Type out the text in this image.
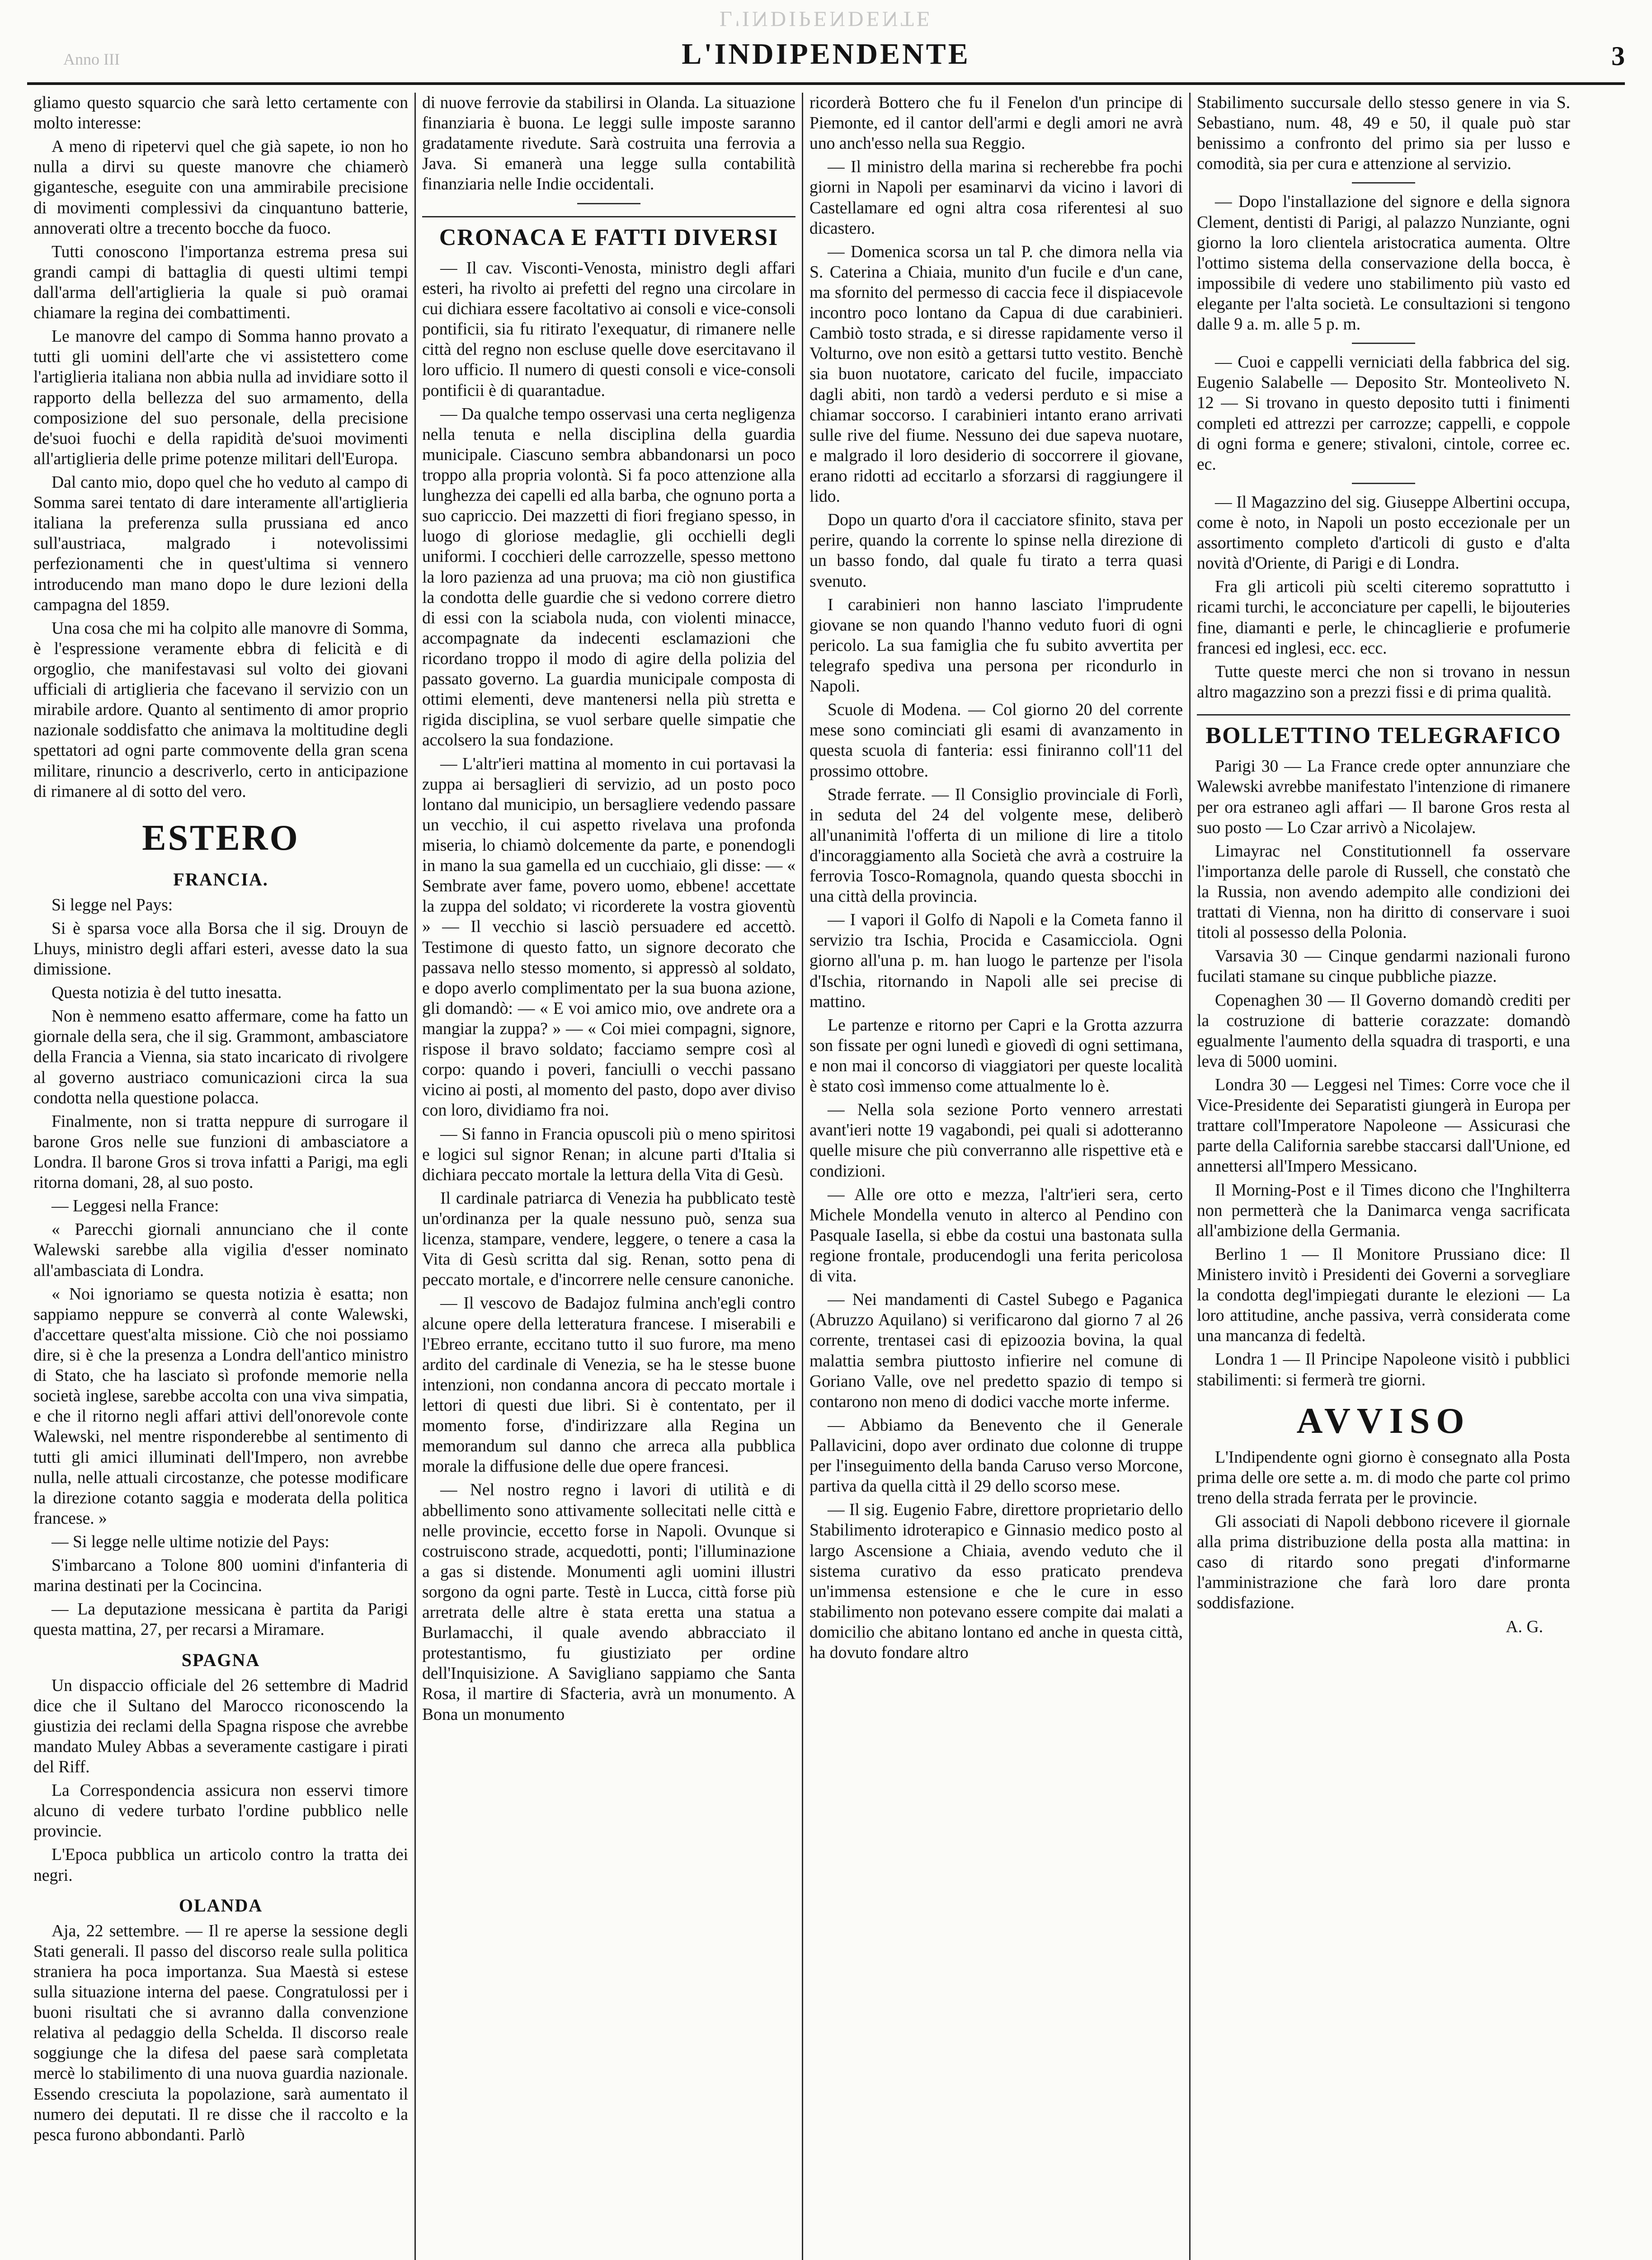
L'INDIPENDENTE
Anno III	L'INDIPENDENTE	3

gliamo questo squarcio che sarà letto certamente con molto interesse:

A meno di ripetervi quel che già sapete, io non ho nulla a dirvi su queste manovre che chiamerò gigantesche, eseguite con una ammirabile precisione di movimenti complessivi da cinquantuno batterie, annoverati oltre a trecento bocche da fuoco.

Tutti conoscono l'importanza estrema presa sui grandi campi di battaglia di questi ultimi tempi dall'arma dell'artiglieria la quale si può oramai chiamare la regina dei combattimenti.

Le manovre del campo di Somma hanno provato a tutti gli uomini dell'arte che vi assistettero come l'artiglieria italiana non abbia nulla ad invidiare sotto il rapporto della bellezza del suo armamento, della composizione del suo personale, della precisione de'suoi fuochi e della rapidità de'suoi movimenti all'artiglieria delle prime potenze militari dell'Europa.

Dal canto mio, dopo quel che ho veduto al campo di Somma sarei tentato di dare interamente all'artiglieria italiana la preferenza sulla prussiana ed anco sull'austriaca, malgrado i notevolissimi perfezionamenti che in quest'ultima si vennero introducendo man mano dopo le dure lezioni della campagna del 1859.

Una cosa che mi ha colpito alle manovre di Somma, è l'espressione veramente ebbra di felicità e di orgoglio, che manifestavasi sul volto dei giovani ufficiali di artiglieria che facevano il servizio con un mirabile ardore. Quanto al sentimento di amor proprio nazionale soddisfatto che animava la moltitudine degli spettatori ad ogni parte commovente della gran scena militare, rinuncio a descriverlo, certo in anticipazione di rimanere al di sotto del vero.

ESTERO
FRANCIA.

Si legge nel Pays:

Si è sparsa voce alla Borsa che il sig. Drouyn de Lhuys, ministro degli affari esteri, avesse dato la sua dimissione.

Questa notizia è del tutto inesatta.

Non è nemmeno esatto affermare, come ha fatto un giornale della sera, che il sig. Grammont, ambasciatore della Francia a Vienna, sia stato incaricato di rivolgere al governo austriaco comunicazioni circa la sua condotta nella questione polacca.

Finalmente, non si tratta neppure di surrogare il barone Gros nelle sue funzioni di ambasciatore a Londra. Il barone Gros si trova infatti a Parigi, ma egli ritorna domani, 28, al suo posto.

— Leggesi nella France:

« Parecchi giornali annunciano che il conte Walewski sarebbe alla vigilia d'esser nominato all'ambasciata di Londra.

« Noi ignoriamo se questa notizia è esatta; non sappiamo neppure se converrà al conte Walewski, d'accettare quest'alta missione. Ciò che noi possiamo dire, si è che la presenza a Londra dell'antico ministro di Stato, che ha lasciato sì profonde memorie nella società inglese, sarebbe accolta con una viva simpatia, e che il ritorno negli affari attivi dell'onorevole conte Walewski, nel mentre risponderebbe al sentimento di tutti gli amici illuminati dell'Impero, non avrebbe nulla, nelle attuali circostanze, che potesse modificare la direzione cotanto saggia e moderata della politica francese. »

— Si legge nelle ultime notizie del Pays:

S'imbarcano a Tolone 800 uomini d'infanteria di marina destinati per la Cocincina.

— La deputazione messicana è partita da Parigi questa mattina, 27, per recarsi a Miramare.

SPAGNA

Un dispaccio officiale del 26 settembre di Madrid dice che il Sultano del Marocco riconoscendo la giustizia dei reclami della Spagna rispose che avrebbe mandato Muley Abbas a severamente castigare i pirati del Riff.

La Correspondencia assicura non esservi timore alcuno di vedere turbato l'ordine pubblico nelle provincie.

L'Epoca pubblica un articolo contro la tratta dei negri.

OLANDA

Aja, 22 settembre. — Il re aperse la sessione degli Stati generali. Il passo del discorso reale sulla politica straniera ha poca importanza. Sua Maestà si estese sulla situazione interna del paese. Congratulossi per i buoni risultati che si avranno dalla convenzione relativa al pedaggio della Schelda. Il discorso reale soggiunge che la difesa del paese sarà completata mercè lo stabilimento di una nuova guardia nazionale. Essendo cresciuta la popolazione, sarà aumentato il numero dei deputati. Il re disse che il raccolto e la pesca furono abbondanti. Parlò

di nuove ferrovie da stabilirsi in Olanda. La situazione finanziaria è buona. Le leggi sulle imposte saranno gradatamente rivedute. Sarà costruita una ferrovia a Java. Si emanerà una legge sulla contabilità finanziaria nelle Indie occidentali.

CRONACA E FATTI DIVERSI

— Il cav. Visconti-Venosta, ministro degli affari esteri, ha rivolto ai prefetti del regno una circolare in cui dichiara essere facoltativo ai consoli e vice-consoli pontificii, sia fu ritirato l'exequatur, di rimanere nelle città del regno non escluse quelle dove esercitavano il loro ufficio. Il numero di questi consoli e vice-consoli pontificii è di quarantadue.

— Da qualche tempo osservasi una certa negligenza nella tenuta e nella disciplina della guardia municipale. Ciascuno sembra abbandonarsi un poco troppo alla propria volontà. Si fa poco attenzione alla lunghezza dei capelli ed alla barba, che ognuno porta a suo capriccio. Dei mazzetti di fiori fregiano spesso, in luogo di gloriose medaglie, gli occhielli degli uniformi. I cocchieri delle carrozzelle, spesso mettono la loro pazienza ad una pruova; ma ciò non giustifica la condotta delle guardie che si vedono correre dietro di essi con la sciabola nuda, con violenti minacce, accompagnate da indecenti esclamazioni che ricordano troppo il modo di agire della polizia del passato governo. La guardia municipale composta di ottimi elementi, deve mantenersi nella più stretta e rigida disciplina, se vuol serbare quelle simpatie che accolsero la sua fondazione.

— L'altr'ieri mattina al momento in cui portavasi la zuppa ai bersaglieri di servizio, ad un posto poco lontano dal municipio, un bersagliere vedendo passare un vecchio, il cui aspetto rivelava una profonda miseria, lo chiamò dolcemente da parte, e ponendogli in mano la sua gamella ed un cucchiaio, gli disse: — « Sembrate aver fame, povero uomo, ebbene! accettate la zuppa del soldato; vi ricorderete la vostra gioventù » — Il vecchio si lasciò persuadere ed accettò. Testimone di questo fatto, un signore decorato che passava nello stesso momento, si appressò al soldato, e dopo averlo complimentato per la sua buona azione, gli domandò: — « E voi amico mio, ove andrete ora a mangiar la zuppa? » — « Coi miei compagni, signore, rispose il bravo soldato; facciamo sempre così al corpo: quando i poveri, fanciulli o vecchi passano vicino ai posti, al momento del pasto, dopo aver diviso con loro, dividiamo fra noi.

— Si fanno in Francia opuscoli più o meno spiritosi e logici sul signor Renan; in alcune parti d'Italia si dichiara peccato mortale la lettura della Vita di Gesù.

Il cardinale patriarca di Venezia ha pubblicato testè un'ordinanza per la quale nessuno può, senza sua licenza, stampare, vendere, leggere, o tenere a casa la Vita di Gesù scritta dal sig. Renan, sotto pena di peccato mortale, e d'incorrere nelle censure canoniche.

— Il vescovo de Badajoz fulmina anch'egli contro alcune opere della letteratura francese. I miserabili e l'Ebreo errante, eccitano tutto il suo furore, ma meno ardito del cardinale di Venezia, se ha le stesse buone intenzioni, non condanna ancora di peccato mortale i lettori di questi due libri. Si è contentato, per il momento forse, d'indirizzare alla Regina un memorandum sul danno che arreca alla pubblica morale la diffusione delle due opere francesi.

— Nel nostro regno i lavori di utilità e di abbellimento sono attivamente sollecitati nelle città e nelle provincie, eccetto forse in Napoli. Ovunque si costruiscono strade, acquedotti, ponti; l'illuminazione a gas si distende. Monumenti agli uomini illustri sorgono da ogni parte. Testè in Lucca, città forse più arretrata delle altre è stata eretta una statua a Burlamacchi, il quale avendo abbracciato il protestantismo, fu giustiziato per ordine dell'Inquisizione. A Savigliano sappiamo che Santa Rosa, il martire di Sfacteria, avrà un monumento. A Bona un monumento

ricorderà Bottero che fu il Fenelon d'un principe di Piemonte, ed il cantor dell'armi e degli amori ne avrà uno anch'esso nella sua Reggio.

— Il ministro della marina si recherebbe fra pochi giorni in Napoli per esaminarvi da vicino i lavori di Castellamare ed ogni altra cosa riferentesi al suo dicastero.

— Domenica scorsa un tal P. che dimora nella via S. Caterina a Chiaia, munito d'un fucile e d'un cane, ma sfornito del permesso di caccia fece il dispiacevole incontro poco lontano da Capua di due carabinieri. Cambiò tosto strada, e si diresse rapidamente verso il Volturno, ove non esitò a gettarsi tutto vestito. Benchè sia buon nuotatore, caricato del fucile, impacciato dagli abiti, non tardò a vedersi perduto e si mise a chiamar soccorso. I carabinieri intanto erano arrivati sulle rive del fiume. Nessuno dei due sapeva nuotare, e malgrado il loro desiderio di soccorrere il giovane, erano ridotti ad eccitarlo a sforzarsi di raggiungere il lido.

Dopo un quarto d'ora il cacciatore sfinito, stava per perire, quando la corrente lo spinse nella direzione di un basso fondo, dal quale fu tirato a terra quasi svenuto.

I carabinieri non hanno lasciato l'imprudente giovane se non quando l'hanno veduto fuori di ogni pericolo. La sua famiglia che fu subito avvertita per telegrafo spediva una persona per ricondurlo in Napoli.

Scuole di Modena. — Col giorno 20 del corrente mese sono cominciati gli esami di avanzamento in questa scuola di fanteria: essi finiranno coll'11 del prossimo ottobre.

Strade ferrate. — Il Consiglio provinciale di Forlì, in seduta del 24 del volgente mese, deliberò all'unanimità l'offerta di un milione di lire a titolo d'incoraggiamento alla Società che avrà a costruire la ferrovia Tosco-Romagnola, quando questa sbocchi in una città della provincia.

— I vapori il Golfo di Napoli e la Cometa fanno il servizio tra Ischia, Procida e Casamicciola. Ogni giorno all'una p. m. han luogo le partenze per l'isola d'Ischia, ritornando in Napoli alle sei precise di mattino.

Le partenze e ritorno per Capri e la Grotta azzurra son fissate per ogni lunedì e giovedì di ogni settimana, e non mai il concorso di viaggiatori per queste località è stato così immenso come attualmente lo è.

— Nella sola sezione Porto vennero arrestati avant'ieri notte 19 vagabondi, pei quali si adotteranno quelle misure che più converranno alle rispettive età e condizioni.

— Alle ore otto e mezza, l'altr'ieri sera, certo Michele Mondella venuto in alterco al Pendino con Pasquale Iasella, si ebbe da costui una bastonata sulla regione frontale, producendogli una ferita pericolosa di vita.

— Nei mandamenti di Castel Subego e Paganica (Abruzzo Aquilano) si verificarono dal giorno 7 al 26 corrente, trentasei casi di epizoozia bovina, la qual malattia sembra piuttosto infierire nel comune di Goriano Valle, ove nel predetto spazio di tempo si contarono non meno di dodici vacche morte inferme.

— Abbiamo da Benevento che il Generale Pallavicini, dopo aver ordinato due colonne di truppe per l'inseguimento della banda Caruso verso Morcone, partiva da quella città il 29 dello scorso mese.

— Il sig. Eugenio Fabre, direttore proprietario dello Stabilimento idroterapico e Ginnasio medico posto al largo Ascensione a Chiaia, avendo veduto che il sistema curativo da esso praticato prendeva un'immensa estensione e che le cure in esso stabilimento non potevano essere compite dai malati a domicilio che abitano lontano ed anche in questa città, ha dovuto fondare altro

Stabilimento succursale dello stesso genere in via S. Sebastiano, num. 48, 49 e 50, il quale può star benissimo a confronto del primo sia per lusso e comodità, sia per cura e attenzione al servizio.

— Dopo l'installazione del signore e della signora Clement, dentisti di Parigi, al palazzo Nunziante, ogni giorno la loro clientela aristocratica aumenta. Oltre l'ottimo sistema della conservazione della bocca, è impossibile di vedere uno stabilimento più vasto ed elegante per l'alta società. Le consultazioni si tengono dalle 9 a. m. alle 5 p. m.

— Cuoi e cappelli verniciati della fabbrica del sig. Eugenio Salabelle — Deposito Str. Monteoliveto N. 12 — Si trovano in questo deposito tutti i finimenti completi ed attrezzi per carrozze; cappelli, e coppole di ogni forma e genere; stivaloni, cintole, corree ec. ec.

— Il Magazzino del sig. Giuseppe Albertini occupa, come è noto, in Napoli un posto eccezionale per un assortimento completo d'articoli di gusto e d'alta novità d'Oriente, di Parigi e di Londra.

Fra gli articoli più scelti citeremo soprattutto i ricami turchi, le acconciature per capelli, le bijouteries fine, diamanti e perle, le chincaglierie e profumerie francesi ed inglesi, ecc. ecc.

Tutte queste merci che non si trovano in nessun altro magazzino son a prezzi fissi e di prima qualità.

BOLLETTINO TELEGRAFICO

Parigi 30 — La France crede opter annunziare che Walewski avrebbe manifestato l'intenzione di rimanere per ora estraneo agli affari — Il barone Gros resta al suo posto — Lo Czar arrivò a Nicolajew.

Limayrac nel Constitutionnell fa osservare l'importanza delle parole di Russell, che constatò che la Russia, non avendo adempito alle condizioni dei trattati di Vienna, non ha diritto di conservare i suoi titoli al possesso della Polonia.

Varsavia 30 — Cinque gendarmi nazionali furono fucilati stamane su cinque pubbliche piazze.

Copenaghen 30 — Il Governo domandò crediti per la costruzione di batterie corazzate: domandò egualmente l'aumento della squadra di trasporti, e una leva di 5000 uomini.

Londra 30 — Leggesi nel Times: Corre voce che il Vice-Presidente dei Separatisti giungerà in Europa per trattare coll'Imperatore Napoleone — Assicurasi che parte della California sarebbe staccarsi dall'Unione, ed annettersi all'Impero Messicano.

Il Morning-Post e il Times dicono che l'Inghilterra non permetterà che la Danimarca venga sacrificata all'ambizione della Germania.

Berlino 1 — Il Monitore Prussiano dice: Il Ministero invitò i Presidenti dei Governi a sorvegliare la condotta degl'impiegati durante le elezioni — La loro attitudine, anche passiva, verrà considerata come una mancanza di fedeltà.

Londra 1 — Il Principe Napoleone visitò i pubblici stabilimenti: si fermerà tre giorni.

AVVISO

L'Indipendente ogni giorno è consegnato alla Posta prima delle ore sette a. m. di modo che parte col primo treno della strada ferrata per le provincie.

Gli associati di Napoli debbono ricevere il giornale alla prima distribuzione della posta alla mattina: in caso di ritardo sono pregati d'informarne l'amministrazione che farà loro dare pronta soddisfazione.

A. G.
